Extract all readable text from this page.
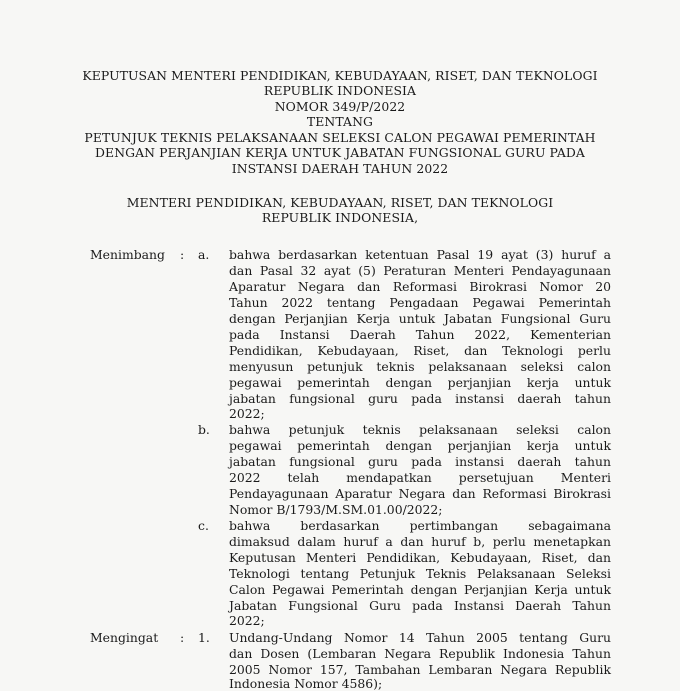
KEPUTUSAN MENTERI PENDIDIKAN, KEBUDAYAAN, RISET, DAN TEKNOLOGI
REPUBLIK INDONESIA
NOMOR 349/P/2022
TENTANG
PETUNJUK TEKNIS PELAKSANAAN SELEKSI CALON PEGAWAI PEMERINTAH
DENGAN PERJANJIAN KERJA UNTUK JABATAN FUNGSIONAL GURU PADA
INSTANSI DAERAH TAHUN 2022
MENTERI PENDIDIKAN, KEBUDAYAAN, RISET, DAN TEKNOLOGI
REPUBLIK INDONESIA,
Menimbang : a. bahwa berdasarkan ketentuan Pasal 19 ayat (3) huruf a
dan Pasal 32 ayat (5) Peraturan Menteri Pendayagunaan
Aparatur Negara dan Reformasi Birokrasi Nomor 20
Tahun 2022 tentang Pengadaan Pegawai Pemerintah
dengan Perjanjian Kerja untuk Jabatan Fungsional Guru
pada Instansi Daerah Tahun 2022, Kementerian
Pendidikan, Kebudayaan, Riset, dan Teknologi perlu
menyusun petunjuk teknis pelaksanaan seleksi calon
pegawai pemerintah dengan perjanjian kerja untuk
jabatan fungsional guru pada instansi daerah tahun
2022;
b. bahwa petunjuk teknis pelaksanaan seleksi calon
pegawai pemerintah dengan perjanjian kerja untuk
jabatan fungsional guru pada instansi daerah tahun
2022 telah mendapatkan persetujuan Menteri
Pendayagunaan Aparatur Negara dan Reformasi Birokrasi
Nomor B/1793/M.SM.01.00/2022;
c. bahwa berdasarkan pertimbangan sebagaimana
dimaksud dalam huruf a dan huruf b, perlu menetapkan
Keputusan Menteri Pendidikan, Kebudayaan, Riset, dan
Teknologi tentang Petunjuk Teknis Pelaksanaan Seleksi
Calon Pegawai Pemerintah dengan Perjanjian Kerja untuk
Jabatan Fungsional Guru pada Instansi Daerah Tahun
2022;
Mengingat : 1. Undang-Undang Nomor 14 Tahun 2005 tentang Guru
dan Dosen (Lembaran Negara Republik Indonesia Tahun
2005 Nomor 157, Tambahan Lembaran Negara Republik
Indonesia Nomor 4586);
